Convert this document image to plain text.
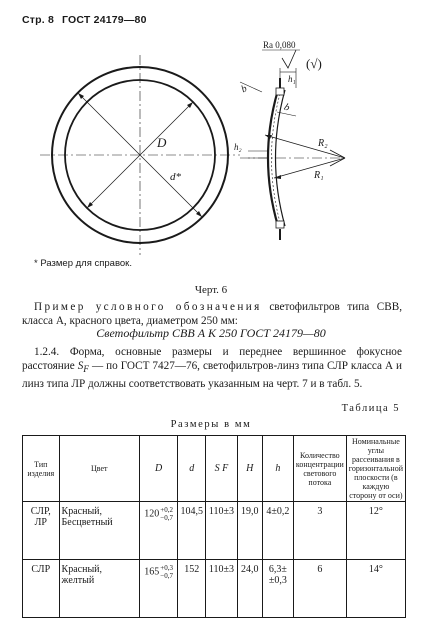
Стр. 8 ГОСТ 24179—80
D
d*
R₂
R₁
h₂
b
b
h₁
Ra 0,080
(√)
* Размер для справок.
Черт. 6
Пример условного обозначения светофильтров типа СВВ, класса А, красного цвета, диаметром 250 мм:
Светофильтр СВВ А К 250 ГОСТ 24179—80
1.2.4. Форма, основные размеры и переднее вершинное фокусное расстояние $S_F$ — по ГОСТ 7427—76, светофильтров-линз типа СЛР класса А и линз типа ЛР должны соответствовать указанным на черт. 7 и в табл. 5.
Таблица 5
Размеры в мм
Тип изделия	Цвет	D	d	S F	H	h	Количество концентрации светового потока	Номинальные углы рассеивания в горизонтальной плоскости (в каждую сторону от оси)
СЛР, ЛР	Красный, Бесцветный	120 +0,2
−0,7	104,5	110±3	19,0	4±0,2	3	12°
СЛР	Красный, желтый	165 +0,3
−0,7	152	110±3	24,0	6,3± ±0,3	6	14°
